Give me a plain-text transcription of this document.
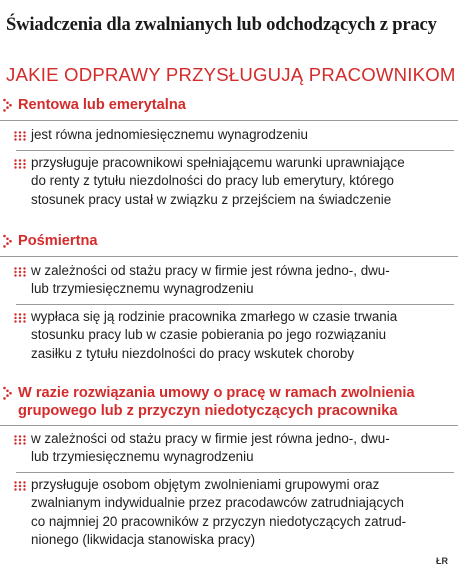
Świadczenia dla zwalnianych lub odchodzących z pracy
JAKIE ODPRAWY PRZYSŁUGUJĄ PRACOWNIKOM
Rentowa lub emerytalna
jest równa jednomiesięcznemu wynagrodzeniu
przysługuje pracownikowi spełniającemu warunki uprawniające
do renty z tytułu niezdolności do pracy lub emerytury, którego
stosunek pracy ustał w związku z przejściem na świadczenie
Pośmiertna
w zależności od stażu pracy w firmie jest równa jedno-, dwu-
lub trzymiesięcznemu wynagrodzeniu
wypłaca się ją rodzinie pracownika zmarłego w czasie trwania
stosunku pracy lub w czasie pobierania po jego rozwiązaniu
zasiłku z tytułu niezdolności do pracy wskutek choroby
W razie rozwiązania umowy o pracę w ramach zwolnienia
grupowego lub z przyczyn niedotyczących pracownika
w zależności od stażu pracy w firmie jest równa jedno-, dwu-
lub trzymiesięcznemu wynagrodzeniu
przysługuje osobom objętym zwolnieniami grupowymi oraz
zwalnianym indywidualnie przez pracodawców zatrudniających
co najmniej 20 pracowników z przyczyn niedotyczących zatrud-
nionego (likwidacja stanowiska pracy)
ŁR
